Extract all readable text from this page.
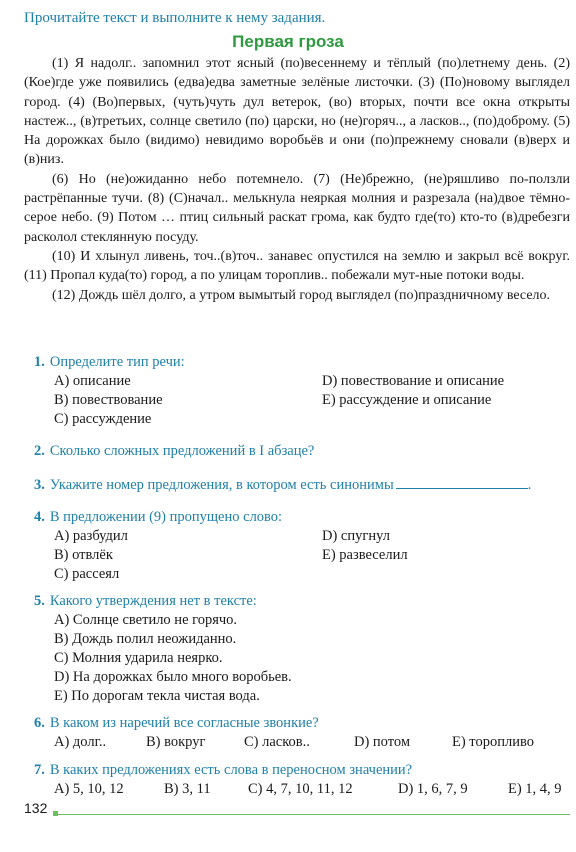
Прочитайте текст и выполните к нему задания.
Первая гроза

(1) Я надолг.. запомнил этот ясный (по)весеннему и тёплый (по)летнему день. (2) (Кое)где уже появились (едва)едва заметные зелёные листочки. (3) (По)новому выглядел город. (4) (Во)первых, (чуть)чуть дул ветерок, (во) вторых, почти все окна открыты настеж.., (в)третьих, солнце светило (по) царски, но (не)горяч.., а ласков.., (по)доброму. (5) На дорожках было (видимо) невидимо воробьёв и они (по)прежнему сновали (в)верх и (в)низ.

(6) Но (не)ожиданно небо потемнело. (7) (Не)брежно, (не)ряшливо по-ползли растрёпанные тучи. (8) (С)начал.. мелькнула неяркая молния и разрезала (на)двое тёмно-серое небо. (9) Потом … птиц сильный раскат грома, как будто где(то) кто-то (в)дребезги расколол стеклянную посуду.

(10) И хлынул ливень, точ..(в)точ.. занавес опустился на землю и закрыл всё вокруг. (11) Пропал куда(то) город, а по улицам тороплив.. побежали мут-ные потоки воды.

(12) Дождь шёл долго, а утром вымытый город выглядел (по)праздничному весело.

1. Определите тип речи:
A) описание	D) повествование и описание
B) повествование	E) рассуждение и описание
C) рассуждение
2. Сколько сложных предложений в I абзаце?
3. Укажите номер предложения, в котором есть синонимы	.
4. В предложении (9) пропущено слово:
A) разбудил	D) спугнул
B) отвлёк	E) развеселил
C) рассеял
5. Какого утверждения нет в тексте:
A) Солнце светило не горячо.
B) Дождь полил неожиданно.
C) Молния ударила неярко.
D) На дорожках было много воробьев.
E) По дорогам текла чистая вода.
6. В каком из наречий все согласные звонкие?
A) долг..	B) вокруг	C) ласков..	D) потом	E) торопливо
7. В каких предложениях есть слова в переносном значении?
A) 5, 10, 12	B) 3, 11	C) 4, 7, 10, 11, 12	D) 1, 6, 7, 9	E) 1, 4, 9
132
